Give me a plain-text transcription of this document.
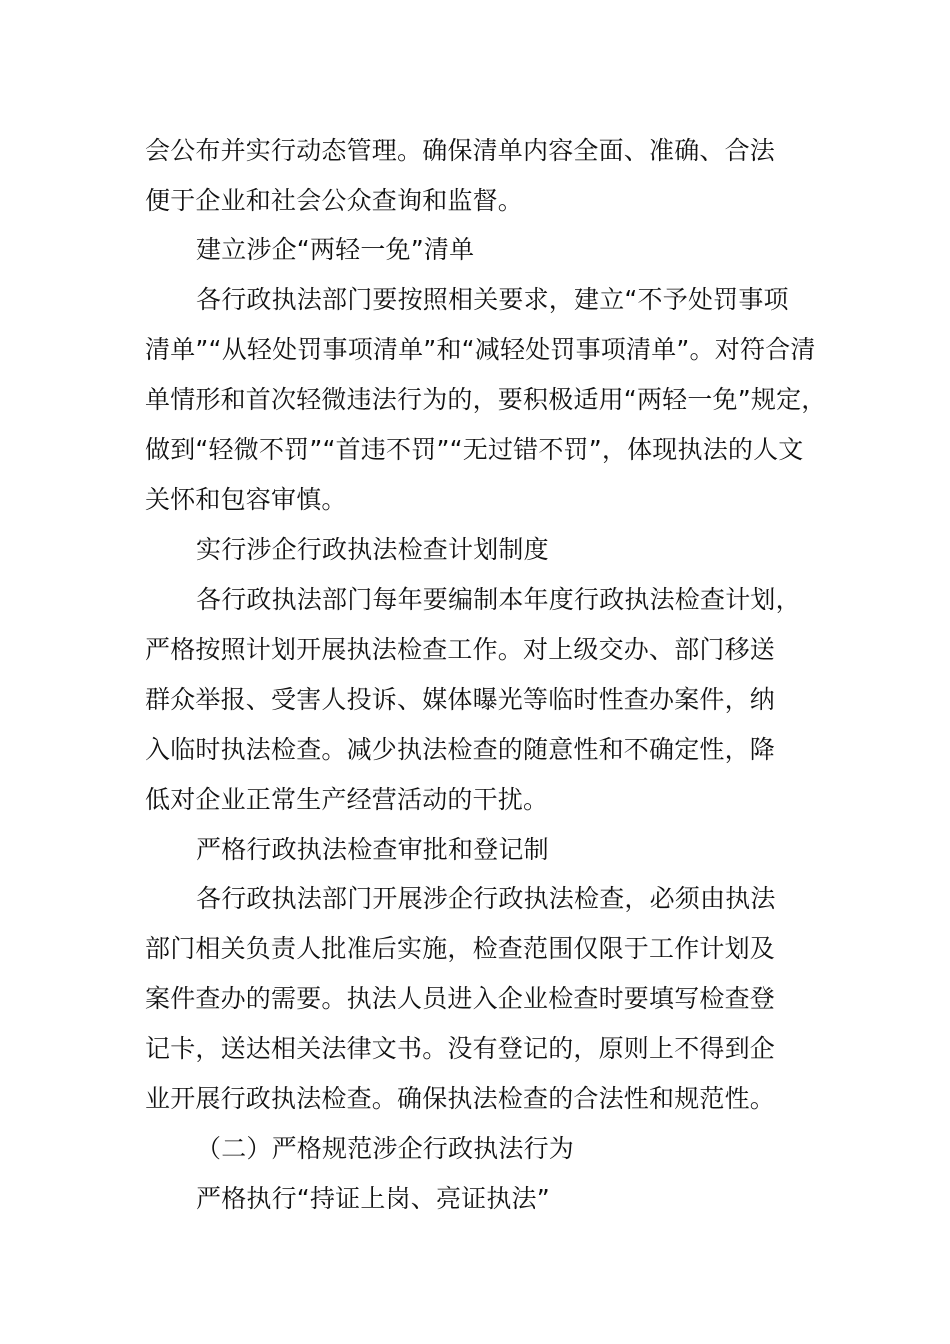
会公布并实行动态管理。确保清单内容全面、准确、合法
便于企业和社会公众查询和监督。
建立涉企“两轻一免”清单
各行政执法部门要按照相关要求，建立“不予处罚事项
清单”“从轻处罚事项清单”和“减轻处罚事项清单”。对符合清
单情形和首次轻微违法行为的，要积极适用“两轻一免”规定，
做到“轻微不罚”“首违不罚”“无过错不罚”，体现执法的人文
关怀和包容审慎。
实行涉企行政执法检查计划制度
各行政执法部门每年要编制本年度行政执法检查计划，
严格按照计划开展执法检查工作。对上级交办、部门移送
群众举报、受害人投诉、媒体曝光等临时性查办案件，纳
入临时执法检查。减少执法检查的随意性和不确定性，降
低对企业正常生产经营活动的干扰。
严格行政执法检查审批和登记制
各行政执法部门开展涉企行政执法检查，必须由执法
部门相关负责人批准后实施，检查范围仅限于工作计划及
案件查办的需要。执法人员进入企业检查时要填写检查登
记卡，送达相关法律文书。没有登记的，原则上不得到企
业开展行政执法检查。确保执法检查的合法性和规范性。
（二）严格规范涉企行政执法行为
严格执行“持证上岗、亮证执法”
